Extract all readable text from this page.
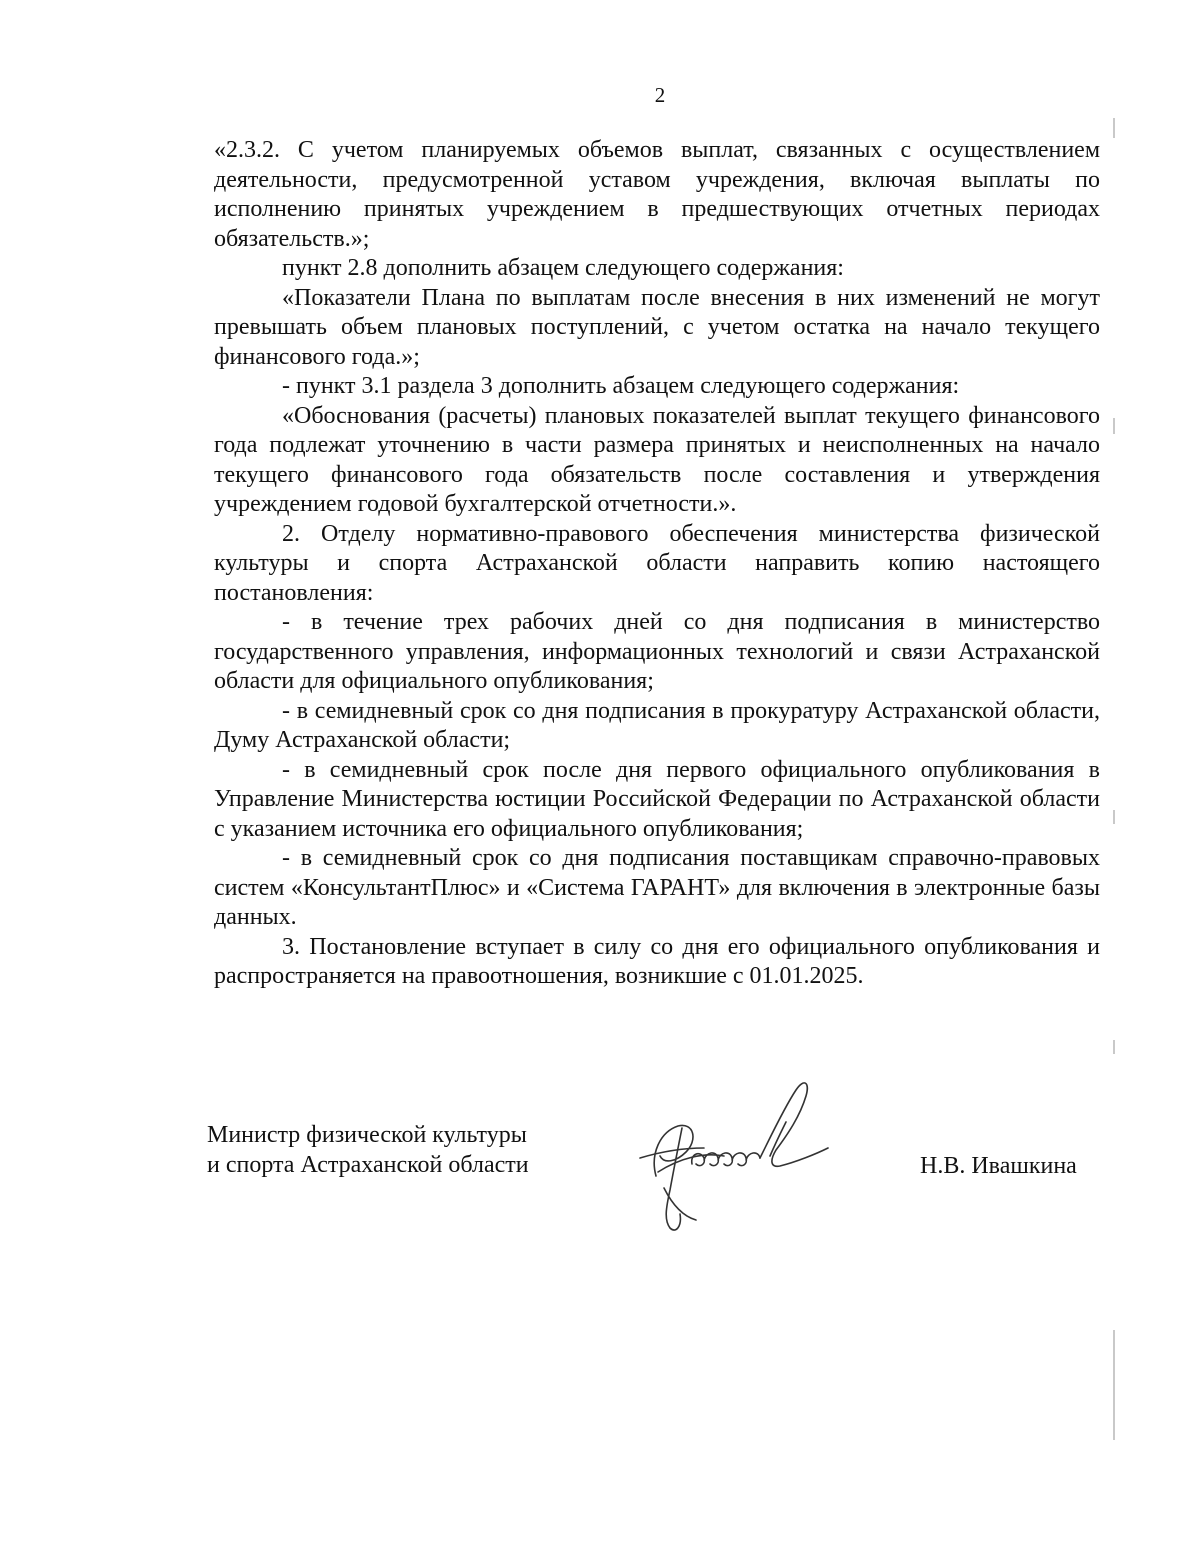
2

«2.3.2. С учетом планируемых объемов выплат, связанных с осуществлением деятельности, предусмотренной уставом учреждения, включая выплаты по исполнению принятых учреждением в предшествующих отчетных периодах обязательств.»;

пункт 2.8 дополнить абзацем следующего содержания:

«Показатели Плана по выплатам после внесения в них изменений не могут превышать объем плановых поступлений, с учетом остатка на начало текущего финансового года.»;

- пункт 3.1 раздела 3 дополнить абзацем следующего содержания:

«Обоснования (расчеты) плановых показателей выплат текущего финансового года подлежат уточнению в части размера принятых и неисполненных на начало текущего финансового года обязательств после составления и утверждения учреждением годовой бухгалтерской отчетности.».

2. Отделу нормативно-правового обеспечения министерства физической культуры и спорта Астраханской области направить копию настоящего постановления:

- в течение трех рабочих дней со дня подписания в министерство государственного управления, информационных технологий и связи Астраханской области для официального опубликования;

- в семидневный срок со дня подписания в прокуратуру Астраханской области, Думу Астраханской области;

- в семидневный срок после дня первого официального опубликования в Управление Министерства юстиции Российской Федерации по Астраханской области с указанием источника его официального опубликования;

- в семидневный срок со дня подписания поставщикам справочно-правовых систем «КонсультантПлюс» и «Система ГАРАНТ» для включения в электронные базы данных.

3. Постановление вступает в силу со дня его официального опубликования и распространяется на правоотношения, возникшие с 01.01.2025.

Министр физической культуры
и спорта Астраханской области	Н.В. Ивашкина
